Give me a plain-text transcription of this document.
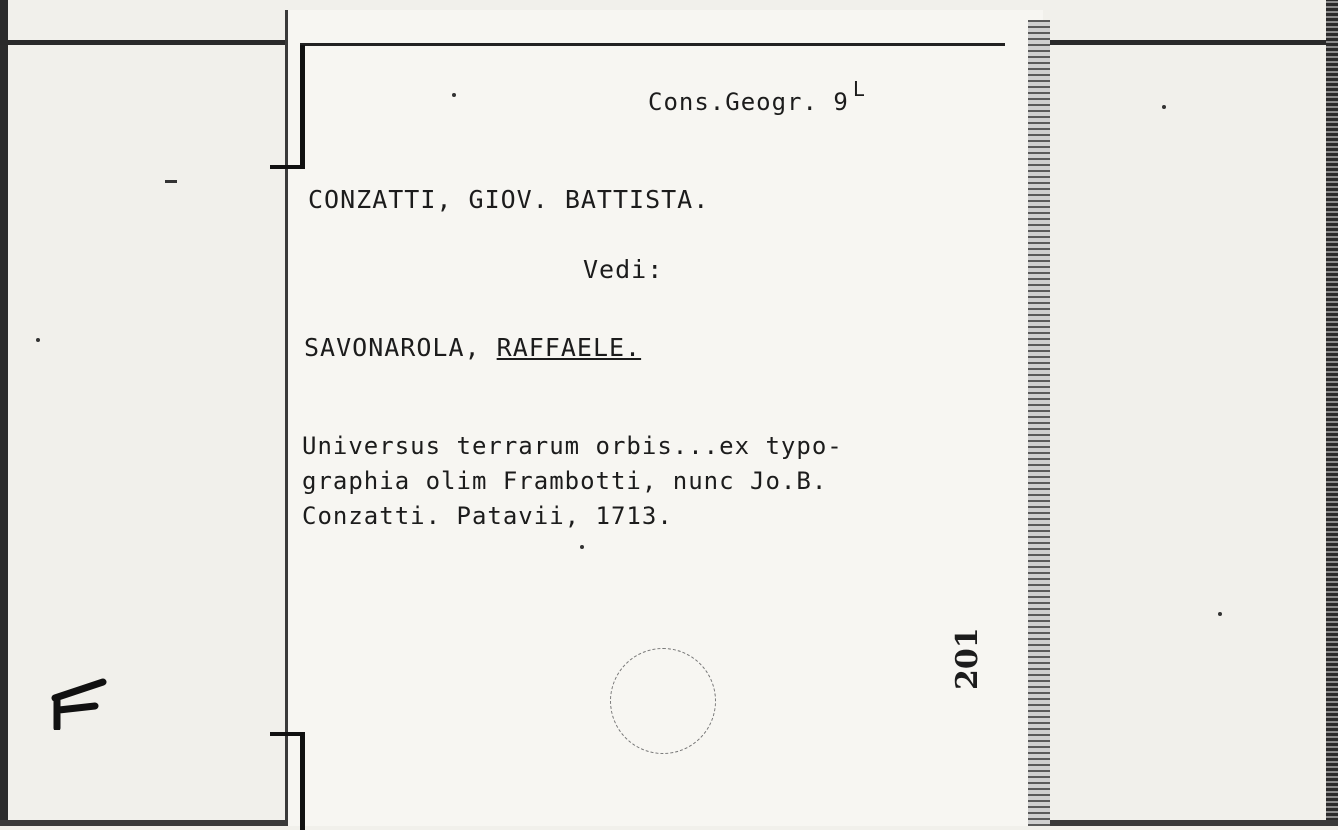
Cons.Geogr. 9 $^L$
CONZATTI, GIOV. BATTISTA.
Vedi:
SAVONAROLA, RAFFAELE.
Universus terrarum orbis...ex typo-
graphia olim Frambotti, nunc Jo.B.
Conzatti. Patavii, 1713.
201
